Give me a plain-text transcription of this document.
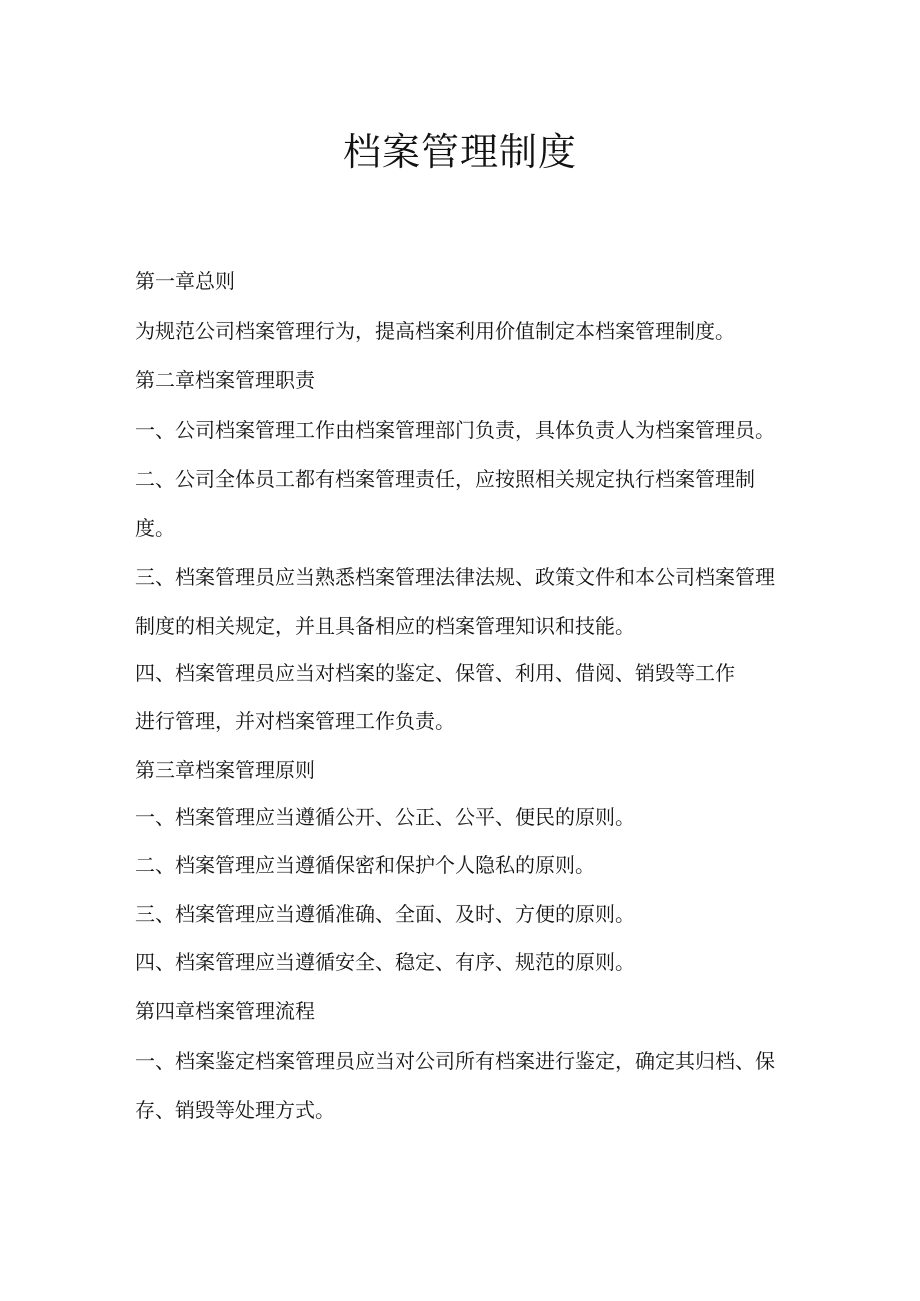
档案管理制度

第一章总则

为规范公司档案管理行为，提高档案利用价值制定本档案管理制度。

第二章档案管理职责

一、公司档案管理工作由档案管理部门负责，具体负责人为档案管理员。

二、公司全体员工都有档案管理责任，应按照相关规定执行档案管理制

度。

三、档案管理员应当熟悉档案管理法律法规、政策文件和本公司档案管理

制度的相关规定，并且具备相应的档案管理知识和技能。

四、档案管理员应当对档案的鉴定、保管、利用、借阅、销毁等工作

进行管理，并对档案管理工作负责。

第三章档案管理原则

一、档案管理应当遵循公开、公正、公平、便民的原则。

二、档案管理应当遵循保密和保护个人隐私的原则。

三、档案管理应当遵循准确、全面、及时、方便的原则。

四、档案管理应当遵循安全、稳定、有序、规范的原则。

第四章档案管理流程

一、档案鉴定档案管理员应当对公司所有档案进行鉴定，确定其归档、保

存、销毁等处理方式。
